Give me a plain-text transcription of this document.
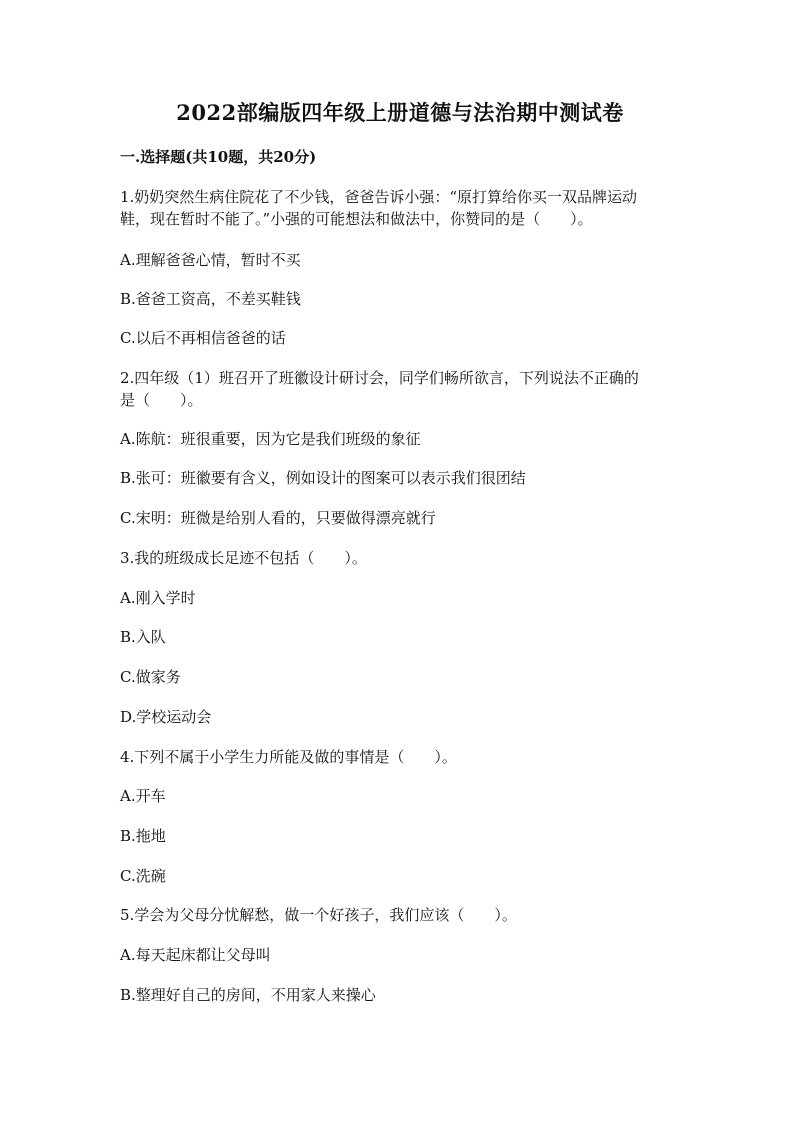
2022部编版四年级上册道德与法治期中测试卷
一.选择题(共10题，共20分)
1.奶奶突然生病住院花了不少钱，爸爸告诉小强：“原打算给你买一双品牌运动
鞋，现在暂时不能了。”小强的可能想法和做法中，你赞同的是（　　）。
A.理解爸爸心情，暂时不买
B.爸爸工资高，不差买鞋钱
C.以后不再相信爸爸的话
2.四年级（1）班召开了班徽设计研讨会，同学们畅所欲言，下列说法不正确的
是（　　）。
A.陈航：班很重要，因为它是我们班级的象征
B.张可：班徽要有含义，例如设计的图案可以表示我们很团结
C.宋明：班微是给别人看的，只要做得漂亮就行
3.我的班级成长足迹不包括（　　）。
A.刚入学时
B.入队
C.做家务
D.学校运动会
4.下列不属于小学生力所能及做的事情是（　　）。
A.开车
B.拖地
C.洗碗
5.学会为父母分忧解愁，做一个好孩子，我们应该（　　）。
A.每天起床都让父母叫
B.整理好自己的房间，不用家人来操心
